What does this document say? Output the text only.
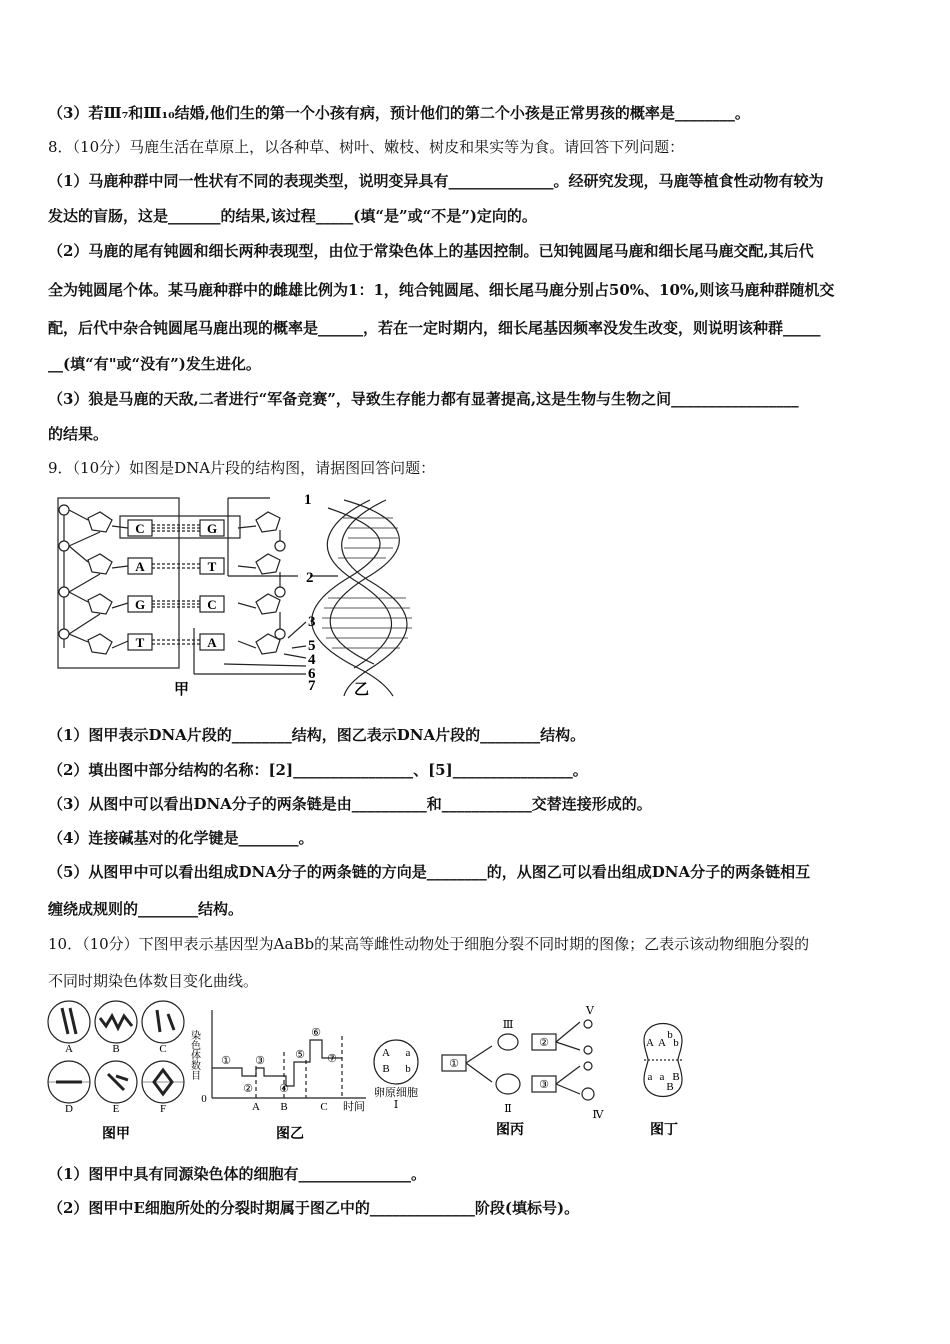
（3）若Ⅲ₇和Ⅲ₁₀结婚,他们生的第一个小孩有病，预计他们的第二个小孩是正常男孩的概率是________。
8．（10分）马鹿生活在草原上，以各种草、树叶、嫩枝、树皮和果实等为食。请回答下列问题：
（1）马鹿种群中同一性状有不同的表现类型，说明变异具有______________。经研究发现，马鹿等植食性动物有较为
发达的盲肠，这是_______的结果,该过程_____(填“是”或“不是”)定向的。
（2）马鹿的尾有钝圆和细长两种表现型，由位于常染色体上的基因控制。已知钝圆尾马鹿和细长尾马鹿交配,其后代
全为钝圆尾个体。某马鹿种群中的雌雄比例为1：1，纯合钝圆尾、细长尾马鹿分别占50%、10%,则该马鹿种群随机交
配，后代中杂合钝圆尾马鹿出现的概率是______，若在一定时期内，细长尾基因频率没发生改变，则说明该种群_____
__(填“有"或“没有”)发生进化。
（3）狼是马鹿的天敌,二者进行“军备竞赛”，导致生存能力都有显著提高,这是生物与生物之间_________________
的结果。
9．（10分）如图是DNA片段的结构图，请据图回答问题：
C
A
G
T
G
T
C
A
1
2
3
5
4
6
7
甲	乙
（1）图甲表示DNA片段的________结构，图乙表示DNA片段的________结构。
（2）填出图中部分结构的名称：[2]________________、[5]________________。
（3）从图中可以看出DNA分子的两条链是由__________和____________交替连接形成的。
（4）连接碱基对的化学键是________。
（5）从图甲中可以看出组成DNA分子的两条链的方向是________的，从图乙可以看出组成DNA分子的两条链相互
缠绕成规则的________结构。
10．（10分）下图甲表示基因型为AaBb的某高等雌性动物处于细胞分裂不同时期的图像；乙表示该动物细胞分裂的
不同时期染色体数目变化曲线。
A	B	C
D	E	F
0
A B	C 时间
①
②
③
④
⑤
⑥
⑦	①
②
③
Ⅰ	Ⅱ
Ⅲ
Ⅳ
Ⅴ
卵原细胞
A a
B b
A A b
b
a a B
B
染色体数目
图甲	图乙	图丙	图丁
（1）图甲中具有同源染色体的细胞有_______________。
（2）图甲中E细胞所处的分裂时期属于图乙中的______________阶段(填标号)。
